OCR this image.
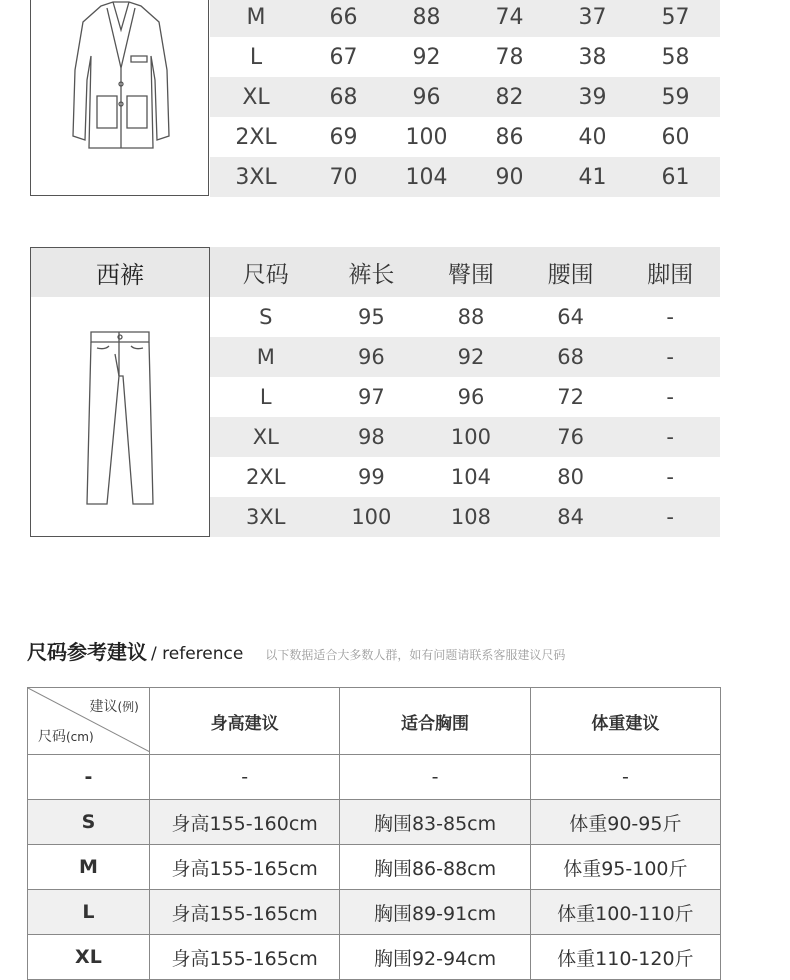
M	66	88	74	37	57
L	67	92	78	38	58
XL	68	96	82	39	59
2XL	69	100	86	40	60
3XL	70	104	90	41	61
西裤	尺码	裤长	臀围	腰围	脚围
S	95	88	64	-
M	96	92	68	-
L	97	96	72	-
XL	98	100	76	-
2XL	99	104	80	-
3XL	100	108	84	-
尺码参考建议 / reference 以下数据适合大多数人群，如有问题请联系客服建议尺码
建议(例)
尺码(cm)	身高建议	适合胸围	体重建议
-	-	-	-
S	身高155-160cm	胸围83-85cm	体重90-95斤
M	身高155-165cm	胸围86-88cm	体重95-100斤
L	身高155-165cm	胸围89-91cm	体重100-110斤
XL	身高155-165cm	胸围92-94cm	体重110-120斤
